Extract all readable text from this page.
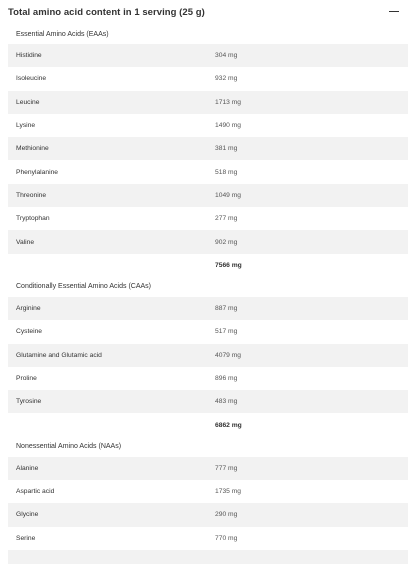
Total amino acid content in 1 serving (25 g)
Essential Amino Acids (EAAs)
Histidine	304 mg
Isoleucine	932 mg
Leucine	1713 mg
Lysine	1490 mg
Methionine	381 mg
Phenylalanine	518 mg
Threonine	1049 mg
Tryptophan	277 mg
Valine	902 mg
7566 mg
Conditionally Essential Amino Acids (CAAs)
Arginine	887 mg
Cysteine	517 mg
Glutamine and Glutamic acid	4079 mg
Proline	896 mg
Tyrosine	483 mg
6862 mg
Nonessential Amino Acids (NAAs)
Alanine	777 mg
Aspartic acid	1735 mg
Glycine	290 mg
Serine	770 mg
